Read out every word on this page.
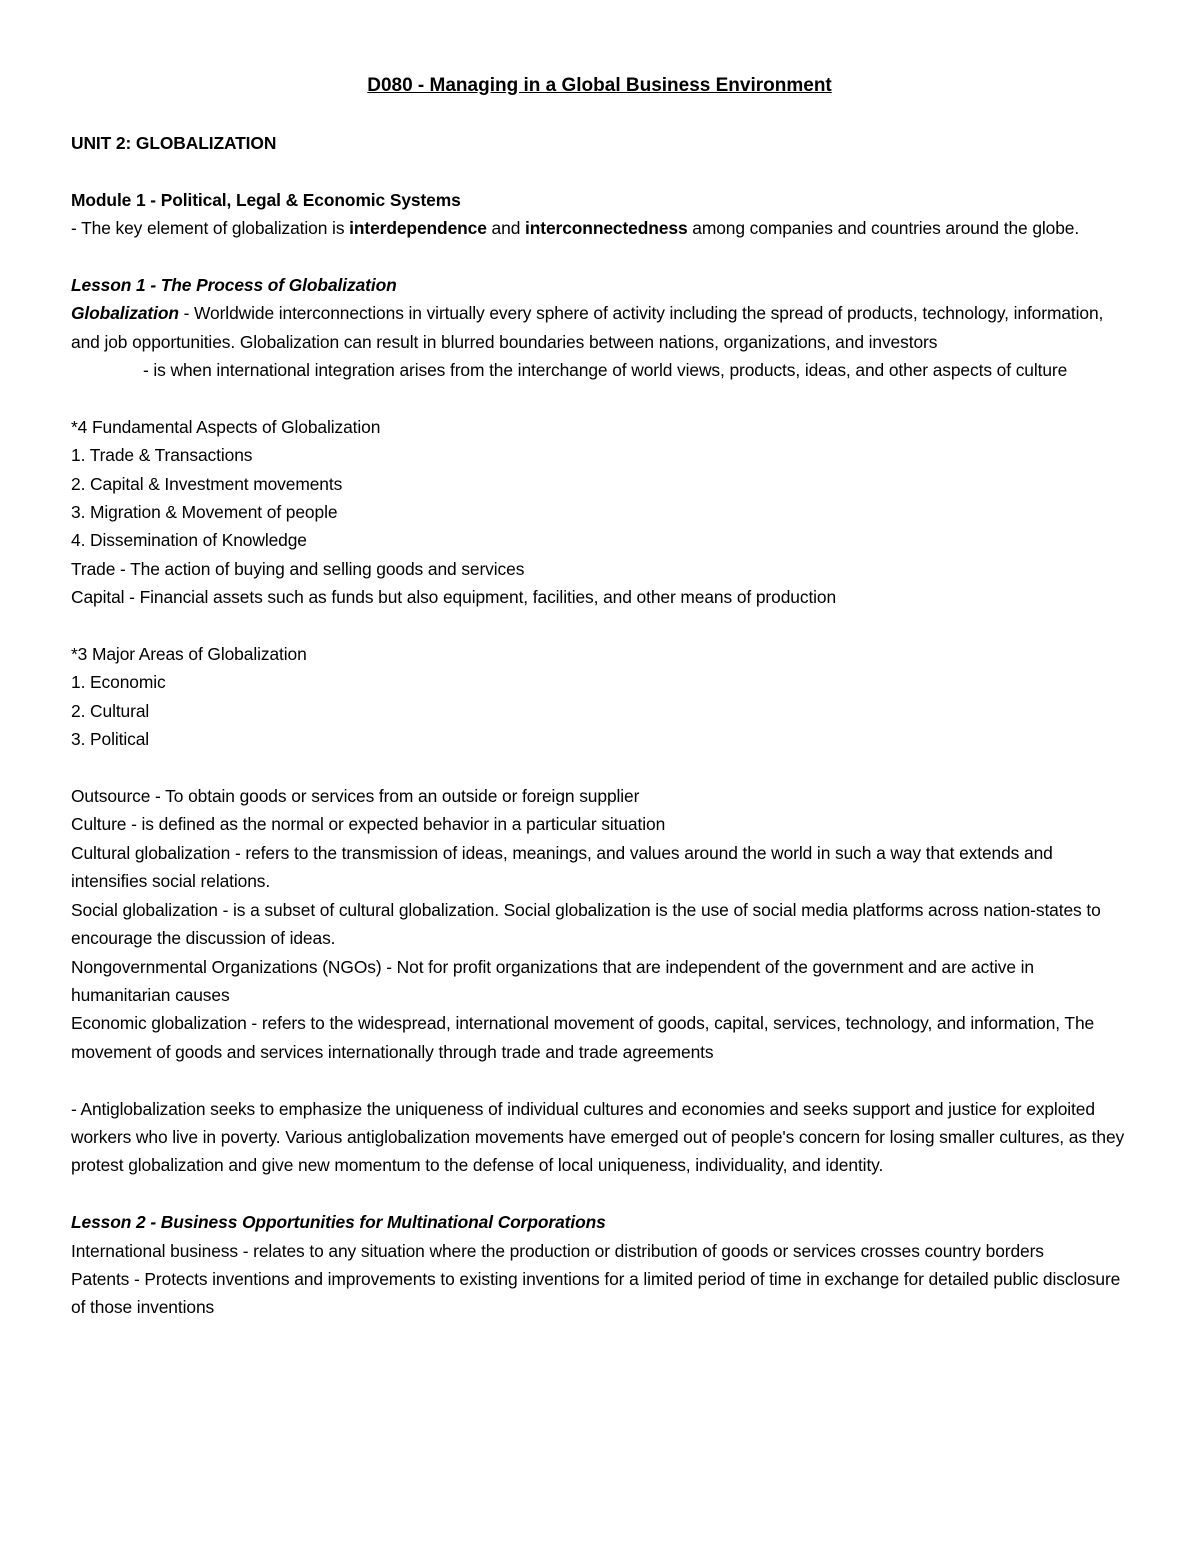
D080 - Managing in a Global Business Environment

UNIT 2: GLOBALIZATION

Module 1 - Political, Legal & Economic Systems

- The key element of globalization is interdependence and interconnectedness among companies and countries around the globe.

Lesson 1 - The Process of Globalization

Globalization - Worldwide interconnections in virtually every sphere of activity including the spread of products, technology, information, and job opportunities. Globalization can result in blurred boundaries between nations, organizations, and investors

- is when international integration arises from the interchange of world views, products, ideas, and other aspects of culture

*4 Fundamental Aspects of Globalization

1. Trade & Transactions

2. Capital & Investment movements

3. Migration & Movement of people

4. Dissemination of Knowledge

Trade - The action of buying and selling goods and services

Capital - Financial assets such as funds but also equipment, facilities, and other means of production

*3 Major Areas of Globalization

1. Economic

2. Cultural

3. Political

Outsource - To obtain goods or services from an outside or foreign supplier

Culture - is defined as the normal or expected behavior in a particular situation

Cultural globalization - refers to the transmission of ideas, meanings, and values around the world in such a way that extends and intensifies social relations.

Social globalization - is a subset of cultural globalization. Social globalization is the use of social media platforms across nation-states to encourage the discussion of ideas.

Nongovernmental Organizations (NGOs) - Not for profit organizations that are independent of the government and are active in humanitarian causes

Economic globalization - refers to the widespread, international movement of goods, capital, services, technology, and information, The movement of goods and services internationally through trade and trade agreements

- Antiglobalization seeks to emphasize the uniqueness of individual cultures and economies and seeks support and justice for exploited workers who live in poverty. Various antiglobalization movements have emerged out of people's concern for losing smaller cultures, as they protest globalization and give new momentum to the defense of local uniqueness, individuality, and identity.

Lesson 2 - Business Opportunities for Multinational Corporations

International business - relates to any situation where the production or distribution of goods or services crosses country borders

Patents - Protects inventions and improvements to existing inventions for a limited period of time in exchange for detailed public disclosure of those inventions
